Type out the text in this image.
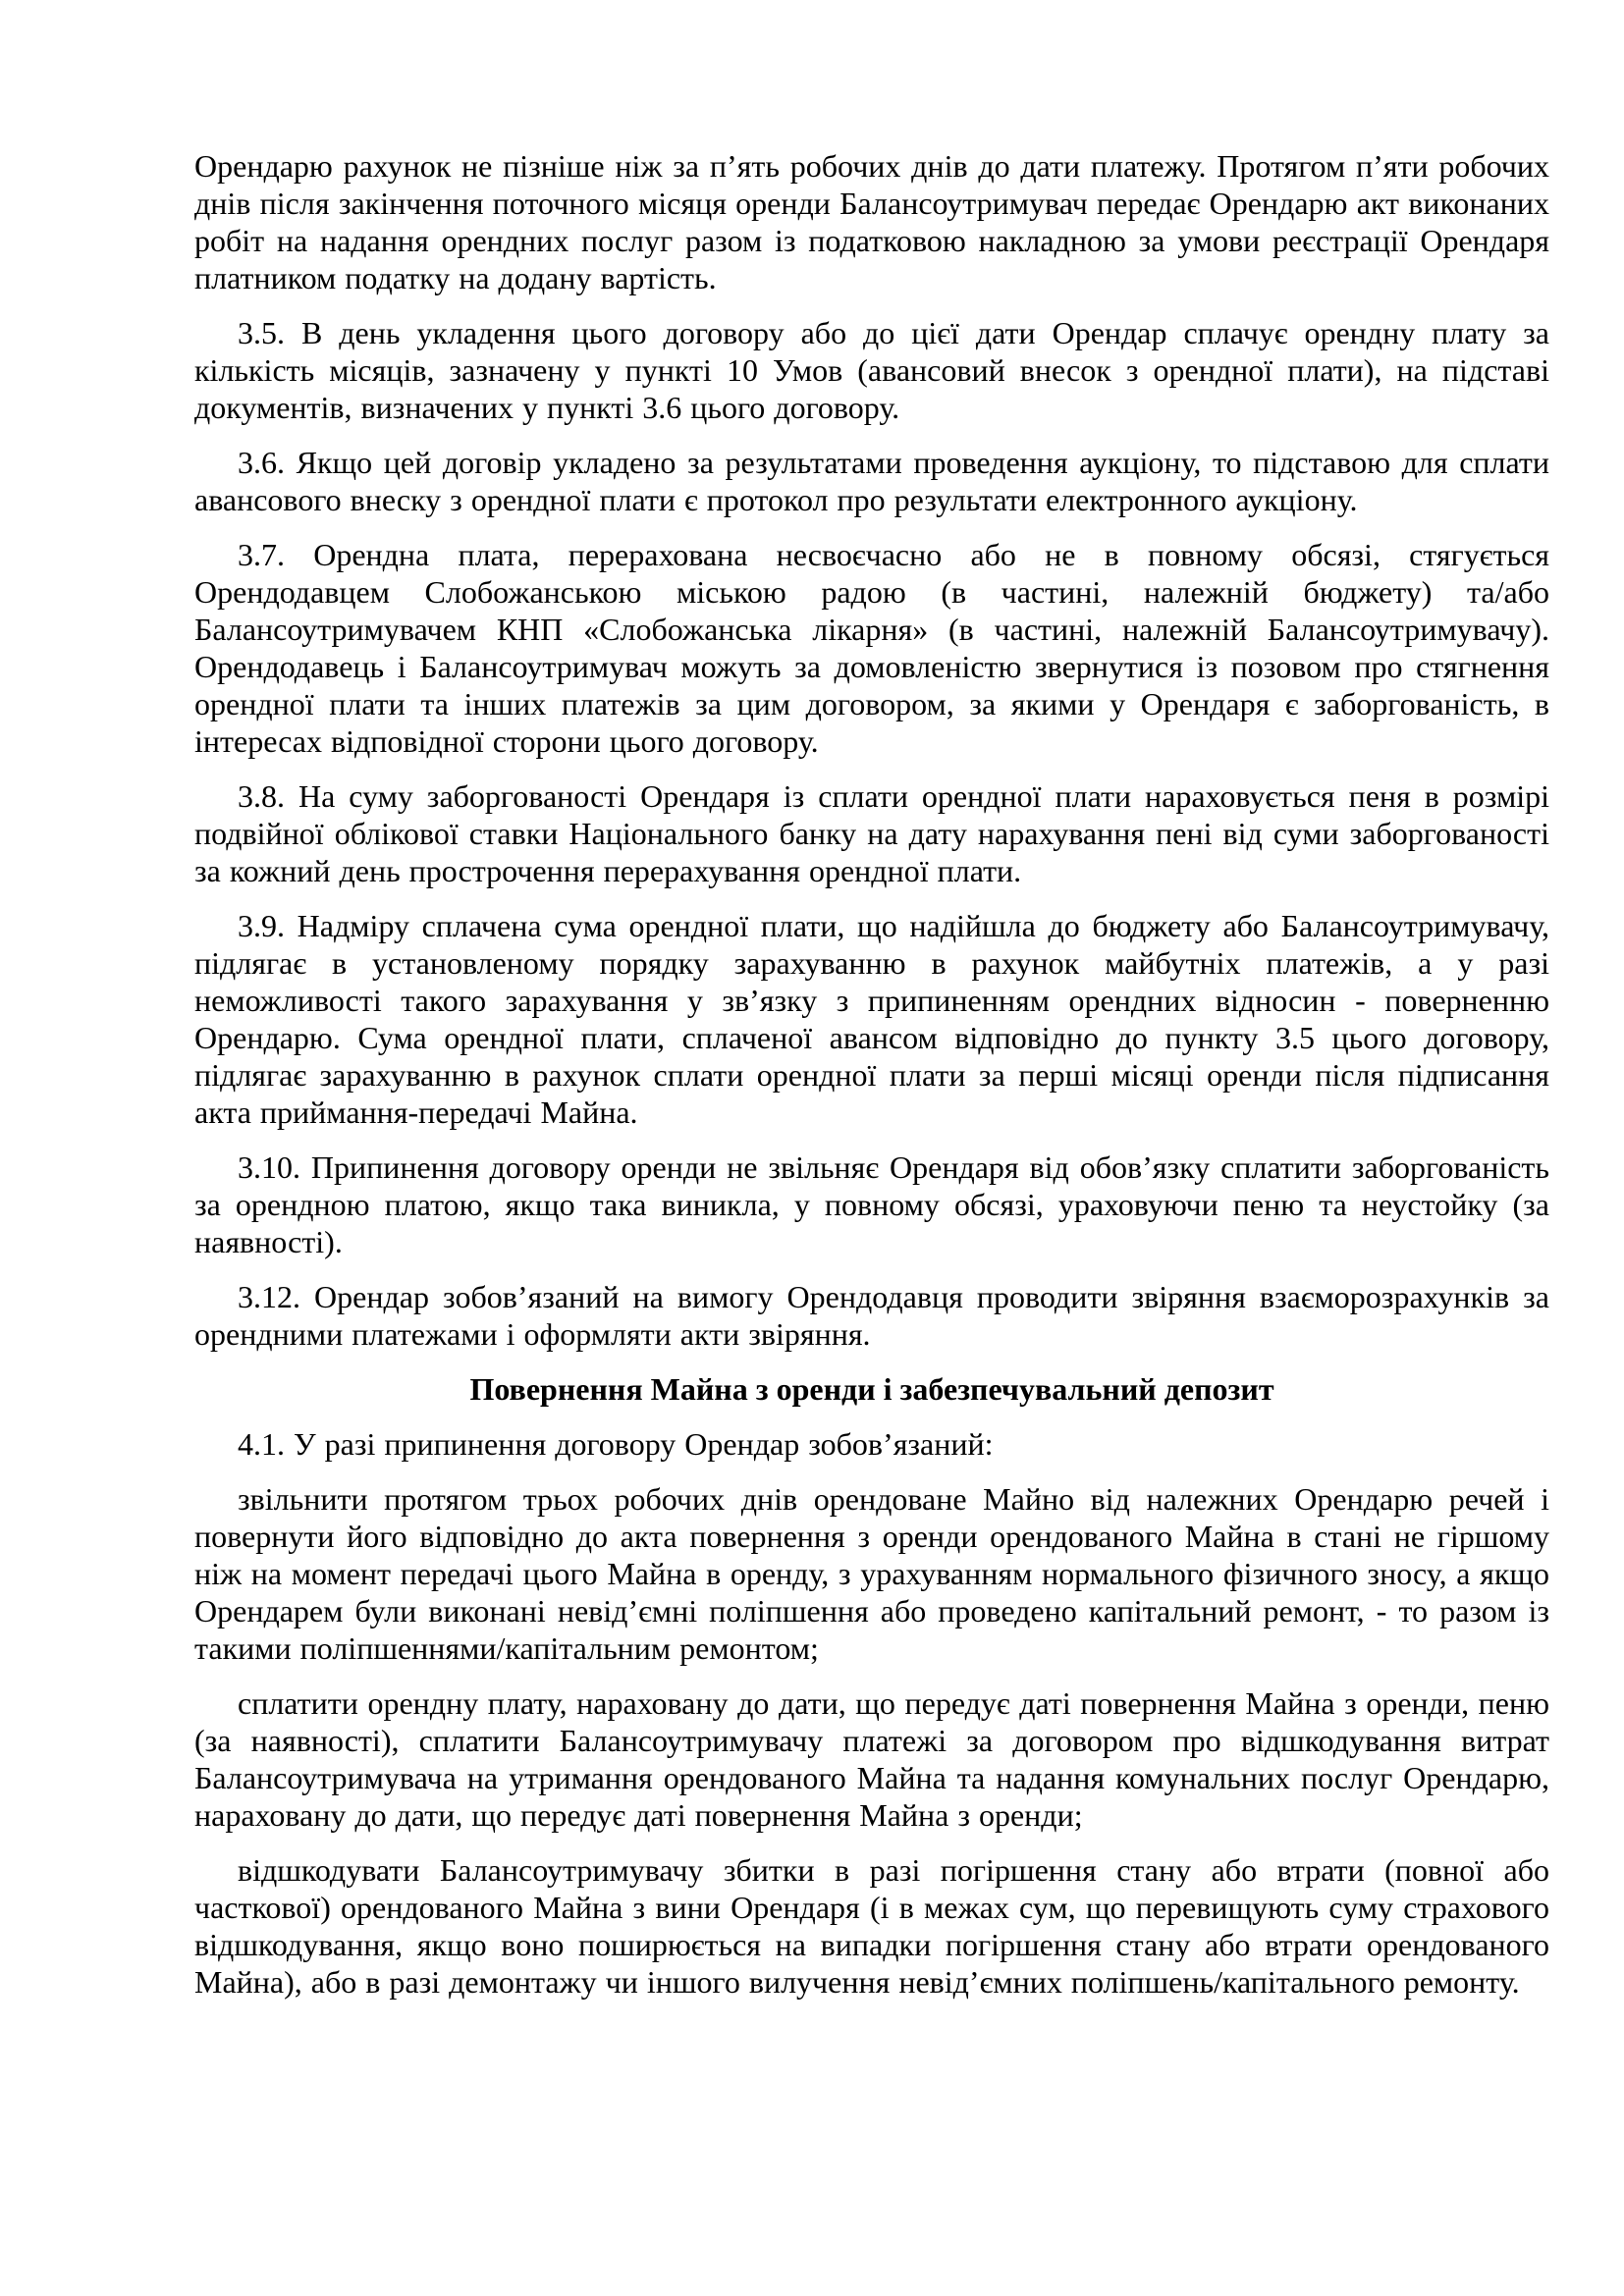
Орендарю рахунок не пізніше ніж за п’ять робочих днів до дати платежу. Протягом п’яти робочих днів після закінчення поточного місяця оренди Балансоутримувач передає Орендарю акт виконаних робіт на надання орендних послуг разом із податковою накладною за умови реєстрації Орендаря платником податку на додану вартість.

3.5. В день укладення цього договору або до цієї дати Орендар сплачує орендну плату за кількість місяців, зазначену у пункті 10 Умов (авансовий внесок з орендної плати), на підставі документів, визначених у пункті 3.6 цього договору.

3.6. Якщо цей договір укладено за результатами проведення аукціону, то підставою для сплати авансового внеску з орендної плати є протокол про результати електронного аукціону.

3.7. Орендна плата, перерахована несвоєчасно або не в повному обсязі, стягується Орендодавцем Слобожанською міською радою (в частині, належній бюджету) та/або Балансоутримувачем КНП «Слобожанська лікарня» (в частині, належній Балансоутримувачу). Орендодавець і Балансоутримувач можуть за домовленістю звернутися із позовом про стягнення орендної плати та інших платежів за цим договором, за якими у Орендаря є заборгованість, в інтересах відповідної сторони цього договору.

3.8. На суму заборгованості Орендаря із сплати орендної плати нараховується пеня в розмірі подвійної облікової ставки Національного банку на дату нарахування пені від суми заборгованості за кожний день прострочення перерахування орендної плати.

3.9. Надміру сплачена сума орендної плати, що надійшла до бюджету або Балансоутримувачу, підлягає в установленому порядку зарахуванню в рахунок майбутніх платежів, а у разі неможливості такого зарахування у зв’язку з припиненням орендних відносин - поверненню Орендарю. Сума орендної плати, сплаченої авансом відповідно до пункту 3.5 цього договору, підлягає зарахуванню в рахунок сплати орендної плати за перші місяці оренди після підписання акта приймання-передачі Майна.

3.10. Припинення договору оренди не звільняє Орендаря від обов’язку сплатити заборгованість за орендною платою, якщо така виникла, у повному обсязі, ураховуючи пеню та неустойку (за наявності).

3.12. Орендар зобов’язаний на вимогу Орендодавця проводити звіряння взаєморозрахунків за орендними платежами і оформляти акти звіряння.

Повернення Майна з оренди і забезпечувальний депозит

4.1. У разі припинення договору Орендар зобов’язаний:

звільнити протягом трьох робочих днів орендоване Майно від належних Орендарю речей і повернути його відповідно до акта повернення з оренди орендованого Майна в стані не гіршому ніж на момент передачі цього Майна в оренду, з урахуванням нормального фізичного зносу, а якщо Орендарем були виконані невід’ємні поліпшення або проведено капітальний ремонт, - то разом із такими поліпшеннями/капітальним ремонтом;

сплатити орендну плату, нараховану до дати, що передує даті повернення Майна з оренди, пеню (за наявності), сплатити Балансоутримувачу платежі за договором про відшкодування витрат Балансоутримувача на утримання орендованого Майна та надання комунальних послуг Орендарю, нараховану до дати, що передує даті повернення Майна з оренди;

відшкодувати Балансоутримувачу збитки в разі погіршення стану або втрати (повної або часткової) орендованого Майна з вини Орендаря (і в межах сум, що перевищують суму страхового відшкодування, якщо воно поширюється на випадки погіршення стану або втрати орендованого Майна), або в разі демонтажу чи іншого вилучення невід’ємних поліпшень/капітального ремонту.
